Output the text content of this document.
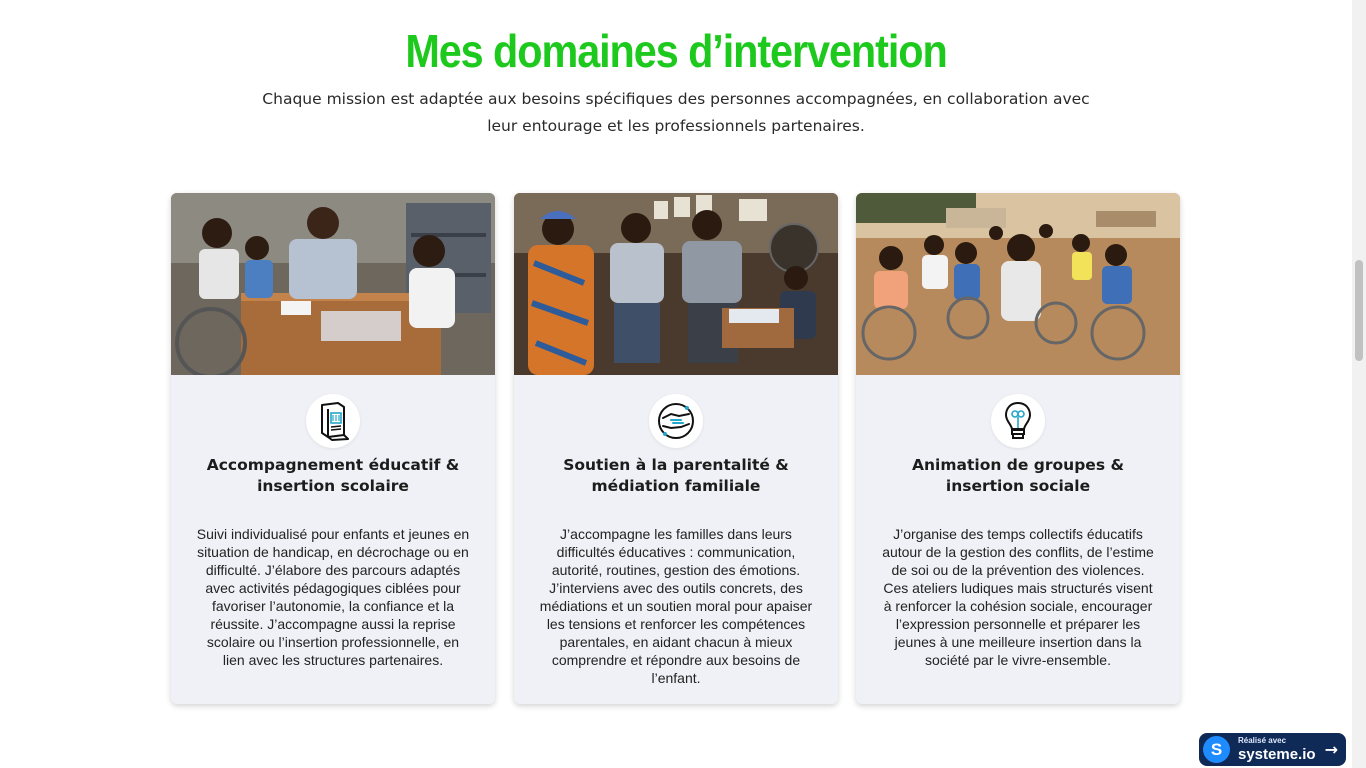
Mes domaines d’intervention

Chaque mission est adaptée aux besoins spécifiques des personnes accompagnées, en collaboration avec leur entourage et les professionnels partenaires.

Accompagnement éducatif & insertion scolaire

Suivi individualisé pour enfants et jeunes en situation de handicap, en décrochage ou en difficulté. J’élabore des parcours adaptés avec activités pédagogiques ciblées pour favoriser l’autonomie, la confiance et la réussite. J’accompagne aussi la reprise scolaire ou l’insertion professionnelle, en lien avec les structures partenaires.

Soutien à la parentalité & médiation familiale

J’accompagne les familles dans leurs difficultés éducatives : communication, autorité, routines, gestion des émotions. J’interviens avec des outils concrets, des médiations et un soutien moral pour apaiser les tensions et renforcer les compétences parentales, en aidant chacun à mieux comprendre et répondre aux besoins de l’enfant.

Animation de groupes & insertion sociale

J’organise des temps collectifs éducatifs autour de la gestion des conflits, de l’estime de soi ou de la prévention des violences. Ces ateliers ludiques mais structurés visent à renforcer la cohésion sociale, encourager l’expression personnelle et préparer les jeunes à une meilleure insertion dans la société par le vivre-ensemble.

S	Réalisé avec
systeme.io →
